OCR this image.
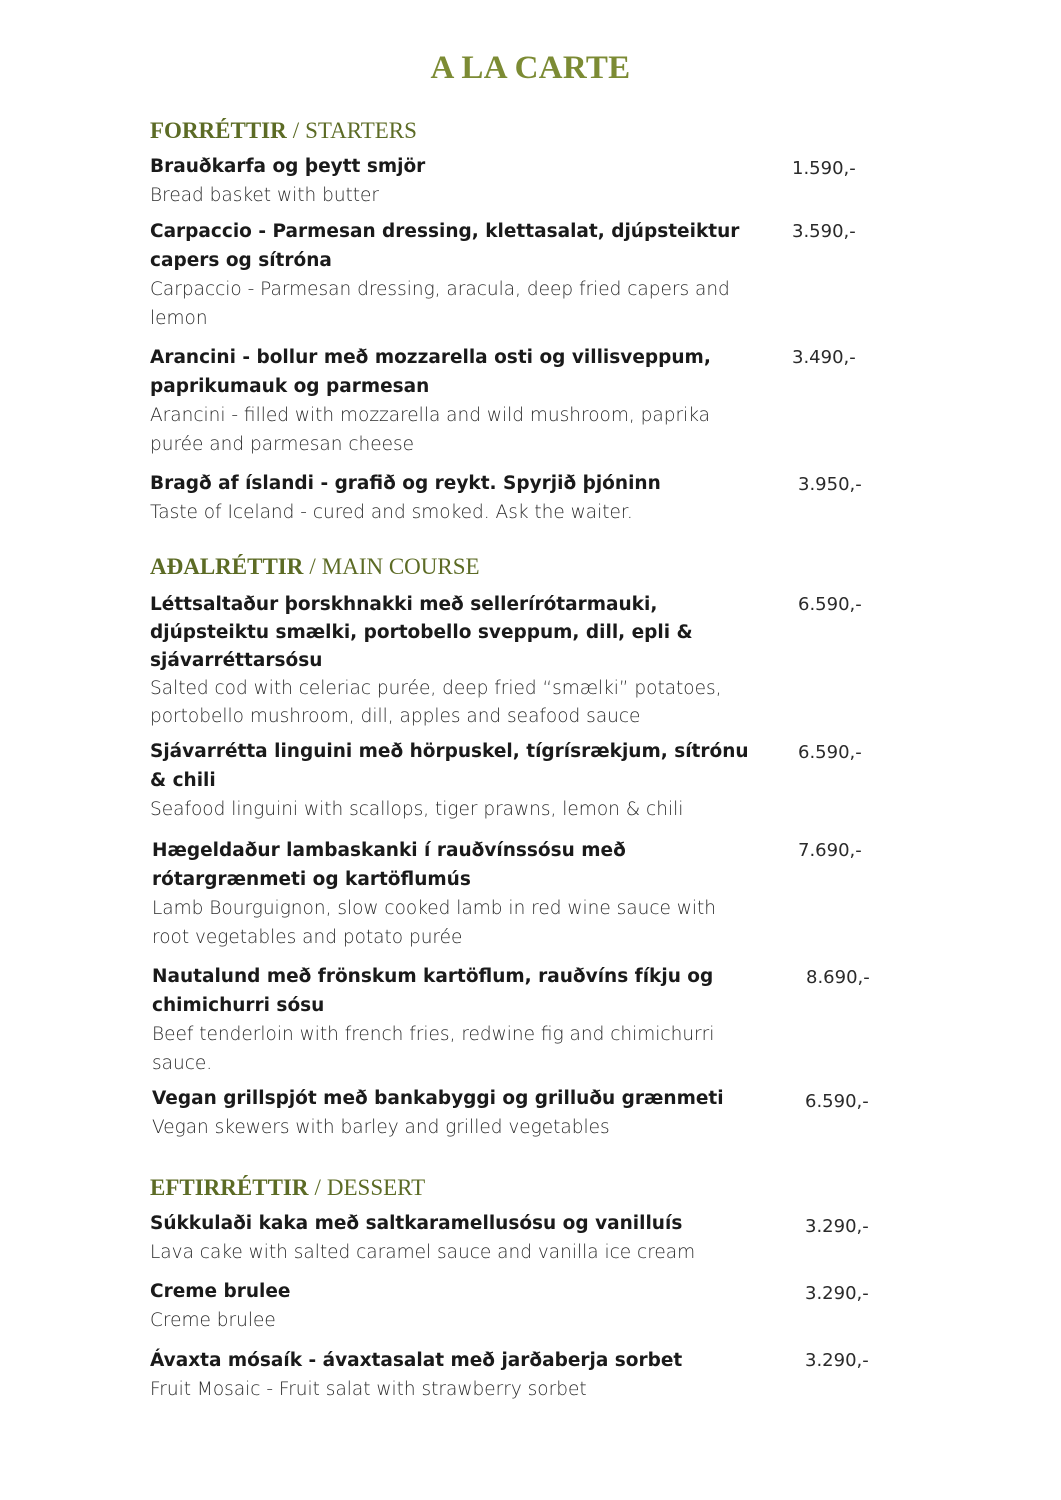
A LA CARTE
FORRÉTTIR / STARTERS
Brauðkarfa og þeytt smjör
Bread basket with butter
1.590,-
Carpaccio - Parmesan dressing, klettasalat, djúpsteiktur capers og sítróna
Carpaccio - Parmesan dressing, aracula, deep fried capers and lemon
3.590,-
Arancini - bollur með mozzarella osti og villisveppum, paprikumauk og parmesan
Arancini - filled with mozzarella and wild mushroom, paprika purée and parmesan cheese
3.490,-
Bragð af íslandi - grafið og reykt. Spyrjið þjóninn
Taste of Iceland - cured and smoked. Ask the waiter.
3.950,-
AÐALRÉTTIR / MAIN COURSE
Léttsaltaður þorskhnakki með sellerírótarmauki, djúpsteiktu smælki, portobello sveppum, dill, epli & sjávarréttarsósu
Salted cod with celeriac purée, deep fried “smælki” potatoes, portobello mushroom, dill, apples and seafood sauce
6.590,-
Sjávarrétta linguini með hörpuskel, tígrísrækjum, sítrónu & chili
Seafood linguini with scallops, tiger prawns, lemon & chili
6.590,-
Hægeldaður lambaskanki í rauðvínssósu með rótargrænmeti og kartöflumús
Lamb Bourguignon, slow cooked lamb in red wine sauce with root vegetables and potato purée
7.690,-
Nautalund með frönskum kartöflum, rauðvíns fíkju og chimichurri sósu
Beef tenderloin with french fries, redwine fig and chimichurri sauce.
8.690,-
Vegan grillspjót með bankabyggi og grilluðu grænmeti
Vegan skewers with barley and grilled vegetables
6.590,-
EFTIRRÉTTIR / DESSERT
Súkkulaði kaka með saltkaramellusósu og vanilluís
Lava cake with salted caramel sauce and vanilla ice cream
3.290,-
Creme brulee
Creme brulee
3.290,-
Ávaxta mósaík - ávaxtasalat með jarðaberja sorbet
Fruit Mosaic - Fruit salat with strawberry sorbet
3.290,-
